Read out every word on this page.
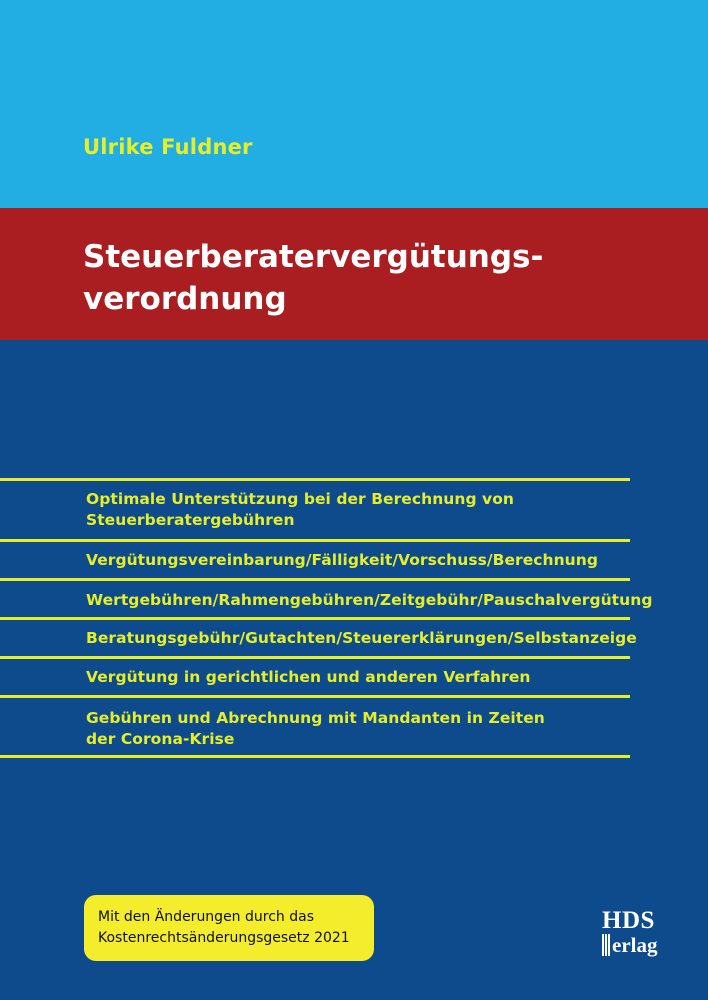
Ulrike Fuldner
Steuerberatervergütungs-
verordnung
Optimale Unterstützung bei der Berechnung von
Steuerberatergebühren
Vergütungsvereinbarung/Fälligkeit/Vorschuss/Berechnung
Wertgebühren/Rahmengebühren/Zeitgebühr/Pauschalvergütung
Beratungsgebühr/Gutachten/Steuererklärungen/Selbstanzeige
Vergütung in gerichtlichen und anderen Verfahren
Gebühren und Abrechnung mit Mandanten in Zeiten
der Corona-Krise
Mit den Änderungen durch das
Kostenrechtsänderungsgesetz 2021
HDS
erlag
